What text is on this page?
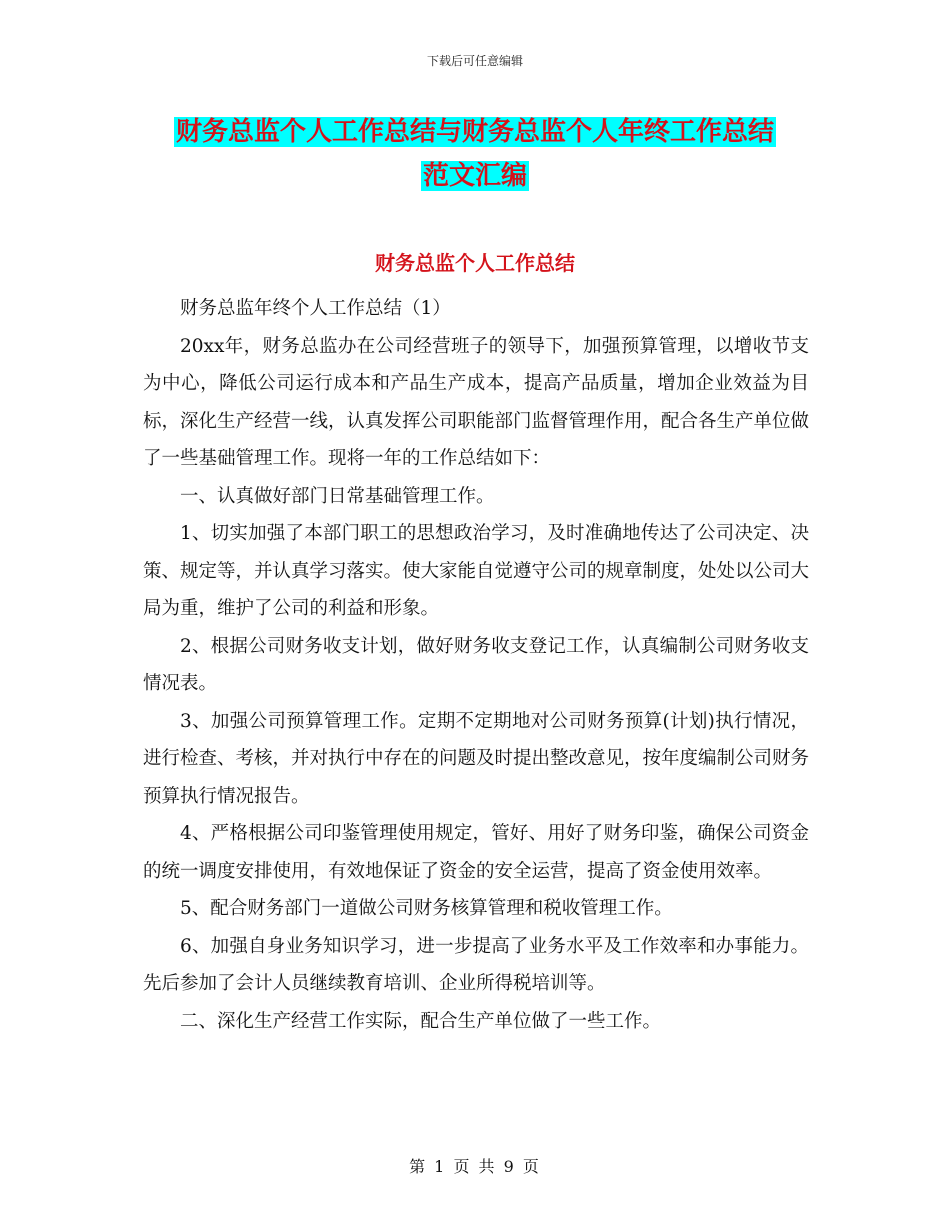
下载后可任意编辑
财务总监个人工作总结与财务总监个人年终工作总结
范文汇编
财务总监个人工作总结

财务总监年终个人工作总结（1）

20xx年，财务总监办在公司经营班子的领导下，加强预算管理，以增收节支为中心，降低公司运行成本和产品生产成本，提高产品质量，增加企业效益为目标，深化生产经营一线，认真发挥公司职能部门监督管理作用，配合各生产单位做了一些基础管理工作。现将一年的工作总结如下：

一、认真做好部门日常基础管理工作。

1、切实加强了本部门职工的思想政治学习，及时准确地传达了公司决定、决策、规定等，并认真学习落实。使大家能自觉遵守公司的规章制度，处处以公司大局为重，维护了公司的利益和形象。

2、根据公司财务收支计划，做好财务收支登记工作，认真编制公司财务收支情况表。

3、加强公司预算管理工作。定期不定期地对公司财务预算(计划)执行情况，进行检查、考核，并对执行中存在的问题及时提出整改意见，按年度编制公司财务预算执行情况报告。

4、严格根据公司印鉴管理使用规定，管好、用好了财务印鉴，确保公司资金的统一调度安排使用，有效地保证了资金的安全运营，提高了资金使用效率。

5、配合财务部门一道做公司财务核算管理和税收管理工作。

6、加强自身业务知识学习，进一步提高了业务水平及工作效率和办事能力。先后参加了会计人员继续教育培训、企业所得税培训等。

二、深化生产经营工作实际，配合生产单位做了一些工作。

第 1 页 共 9 页
